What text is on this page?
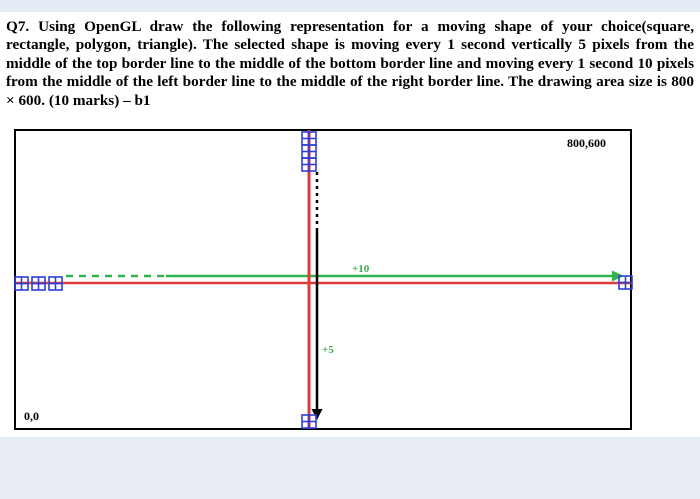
Q7. Using OpenGL draw the following representation for a moving shape of your choice(square, rectangle, polygon, triangle). The selected shape is moving every 1 second vertically 5 pixels from the middle of the top border line to the middle of the bottom border line and moving every 1 second 10 pixels from the middle of the left border line to the middle of the right border line. The drawing area size is 800 × 600. (10 marks) – b1
800,600
0,0
+10
+5
